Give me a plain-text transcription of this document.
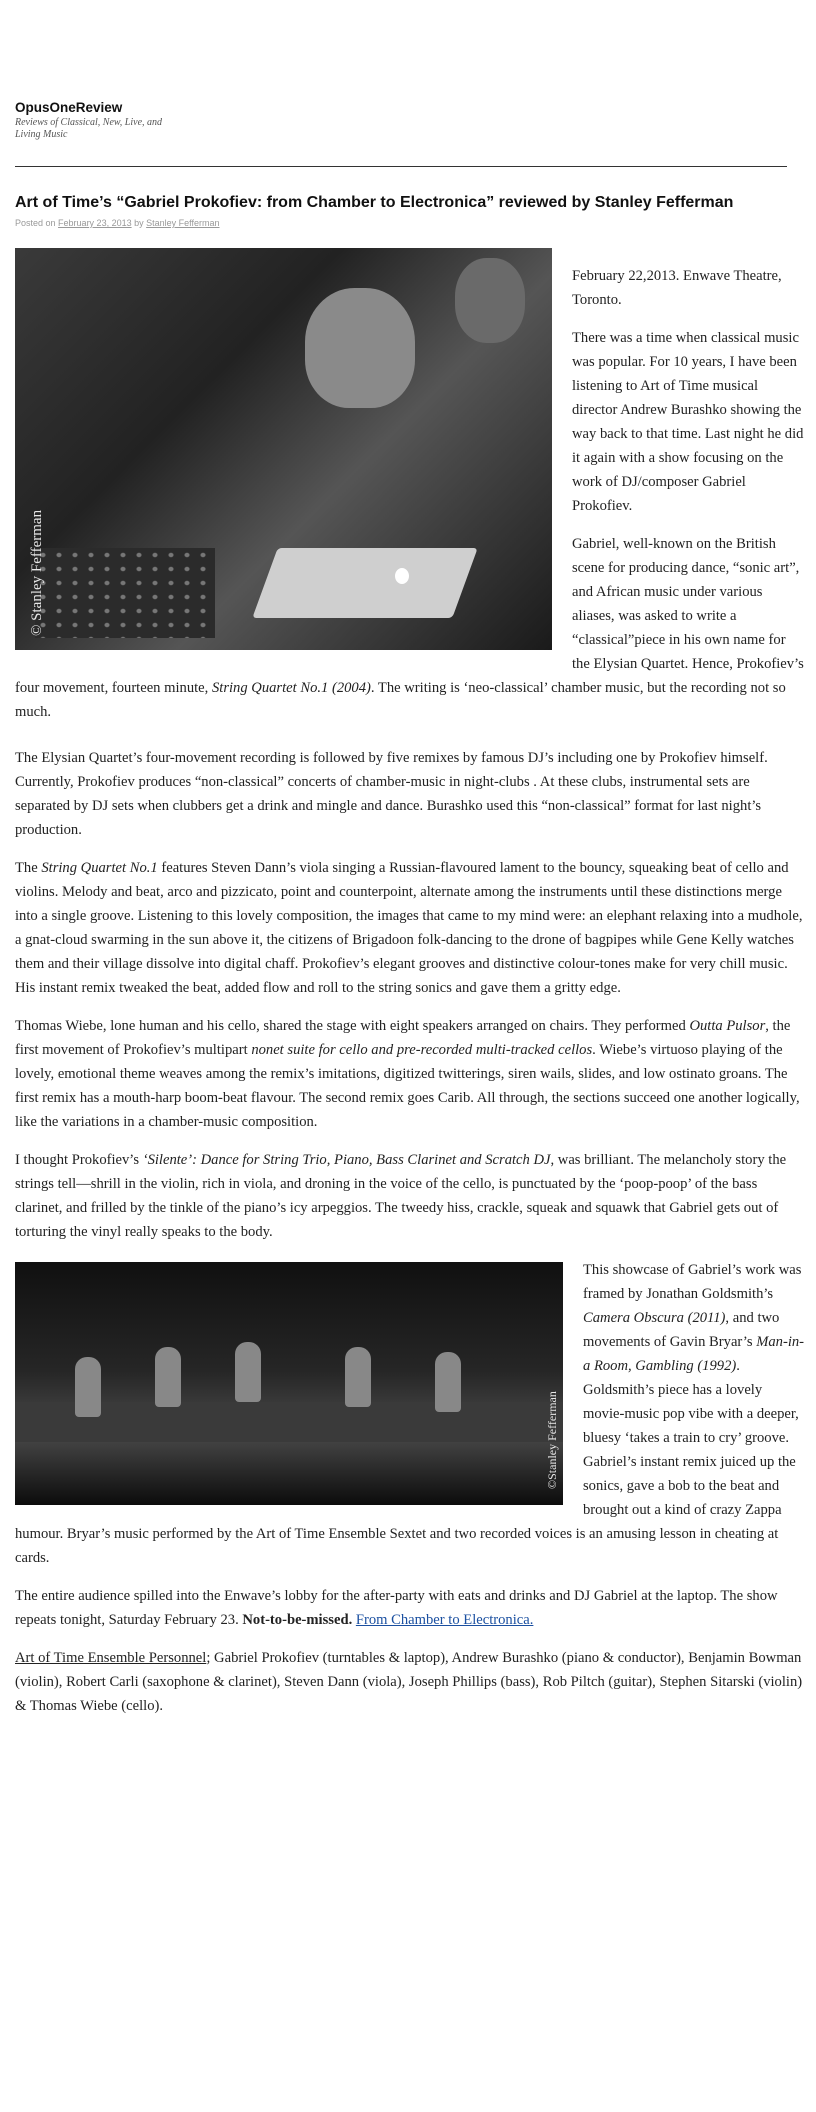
OpusOneReview
Reviews of Classical, New, Live, and Living Music
Art of Time’s “Gabriel Prokofiev: from Chamber to Electronica” reviewed by Stanley Fefferman
Posted on February 23, 2013 by Stanley Fefferman
© Stanley Fefferman

February 22,2013. Enwave Theatre, Toronto.

There was a time when classical music was popular. For 10 years, I have been listening to Art of Time musical director Andrew Burashko showing the way back to that time. Last night he did it again with a show focusing on the work of DJ/composer Gabriel Prokofiev.

Gabriel, well-known on the British scene for producing dance, “sonic art”, and African music under various aliases, was asked to write a “classical”piece in his own name for the Elysian Quartet. Hence, Prokofiev’s four movement, fourteen minute, String Quartet No.1 (2004). The writing is ‘neo-classical’ chamber music, but the recording not so much.

The Elysian Quartet’s four-movement recording is followed by five remixes by famous DJ’s including one by Prokofiev himself. Currently, Prokofiev produces “non-classical” concerts of chamber-music in night-clubs . At these clubs, instrumental sets are separated by DJ sets when clubbers get a drink and mingle and dance. Burashko used this “non-classical” format for last night’s production.

The String Quartet No.1 features Steven Dann’s viola singing a Russian-flavoured lament to the bouncy, squeaking beat of cello and violins. Melody and beat, arco and pizzicato, point and counterpoint, alternate among the instruments until these distinctions merge into a single groove. Listening to this lovely composition, the images that came to my mind were: an elephant relaxing into a mudhole, a gnat-cloud swarming in the sun above it, the citizens of Brigadoon folk-dancing to the drone of bagpipes while Gene Kelly watches them and their village dissolve into digital chaff. Prokofiev’s elegant grooves and distinctive colour-tones make for very chill music. His instant remix tweaked the beat, added flow and roll to the string sonics and gave them a gritty edge.

Thomas Wiebe, lone human and his cello, shared the stage with eight speakers arranged on chairs. They performed Outta Pulsor, the first movement of Prokofiev’s multipart nonet suite for cello and pre-recorded multi-tracked cellos. Wiebe’s virtuoso playing of the lovely, emotional theme weaves among the remix’s imitations, digitized twitterings, siren wails, slides, and low ostinato groans. The first remix has a mouth-harp boom-beat flavour. The second remix goes Carib. All through, the sections succeed one another logically, like the variations in a chamber-music composition.

I thought Prokofiev’s ‘Silente’: Dance for String Trio, Piano, Bass Clarinet and Scratch DJ, was brilliant. The melancholy story the strings tell—shrill in the violin, rich in viola, and droning in the voice of the cello, is punctuated by the ‘poop-poop’ of the bass clarinet, and frilled by the tinkle of the piano’s icy arpeggios. The tweedy hiss, crackle, squeak and squawk that Gabriel gets out of torturing the vinyl really speaks to the body.

©Stanley Fefferman

This showcase of Gabriel’s work was framed by Jonathan Goldsmith’s Camera Obscura (2011), and two movements of Gavin Bryar’s Man-in-a Room, Gambling (1992). Goldsmith’s piece has a lovely movie-music pop vibe with a deeper, bluesy ‘takes a train to cry’ groove. Gabriel’s instant remix juiced up the sonics, gave a bob to the beat and brought out a kind of crazy Zappa humour. Bryar’s music performed by the Art of Time Ensemble Sextet and two recorded voices is an amusing lesson in cheating at cards.

The entire audience spilled into the Enwave’s lobby for the after-party with eats and drinks and DJ Gabriel at the laptop. The show repeats tonight, Saturday February 23. Not-to-be-missed. From Chamber to Electronica.

Art of Time Ensemble Personnel; Gabriel Prokofiev (turntables & laptop), Andrew Burashko (piano & conductor), Benjamin Bowman (violin), Robert Carli (saxophone & clarinet), Steven Dann (viola), Joseph Phillips (bass), Rob Piltch (guitar), Stephen Sitarski (violin) & Thomas Wiebe (cello).
